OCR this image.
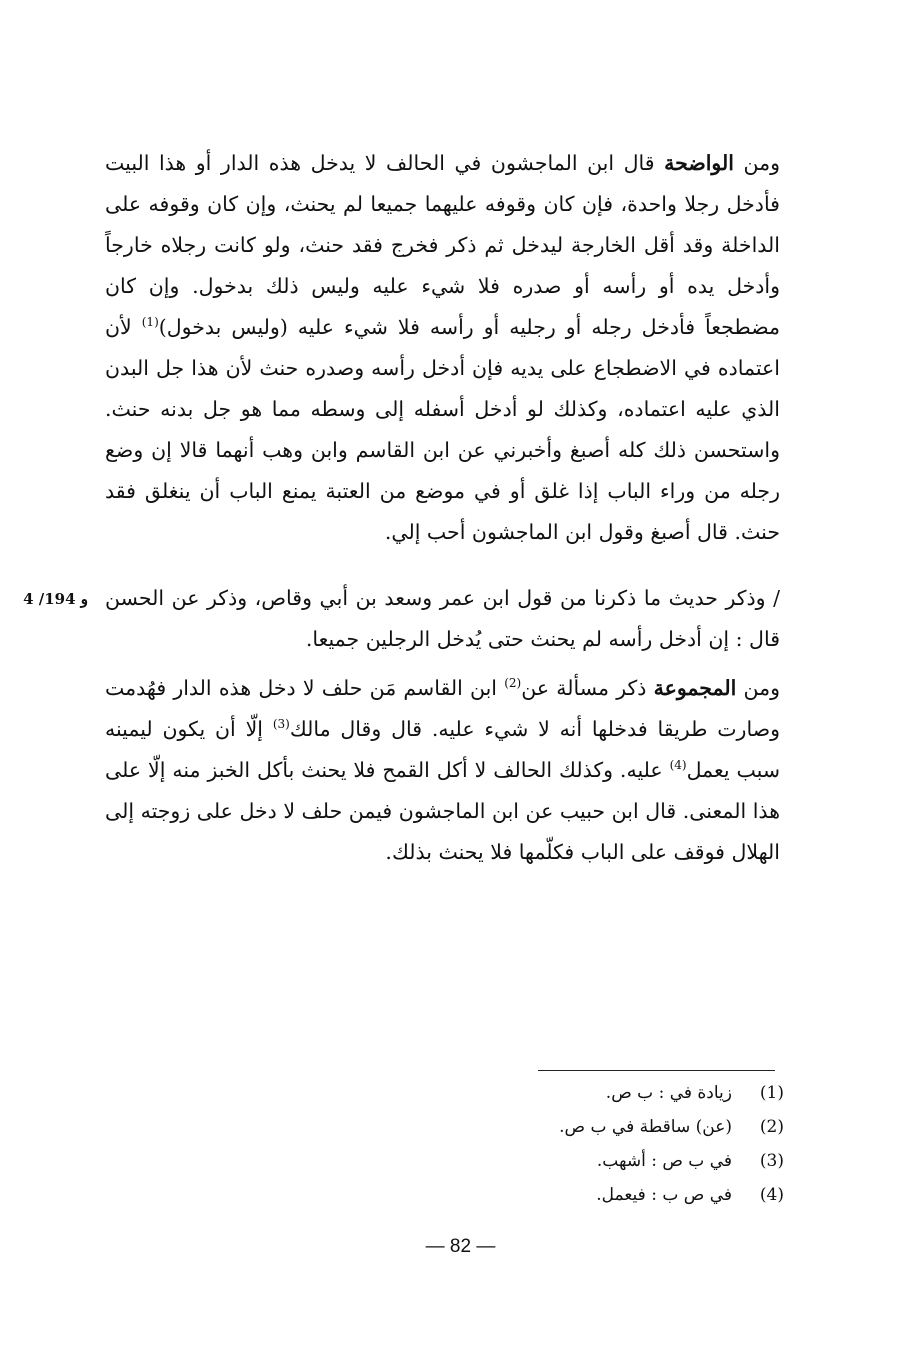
ومن الواضحة قال ابن الماجشون في الحالف لا يدخل هذه الدار أو هذا البيت فأدخل رجلا واحدة، فإن كان وقوفه عليهما جميعا لم يحنث، وإن كان وقوفه على الداخلة وقد أقل الخارجة ليدخل ثم ذكر فخرج فقد حنث، ولو كانت رجلاه خارجاً وأدخل يده أو رأسه أو صدره فلا شيء عليه وليس ذلك بدخول. وإن كان مضطجعاً فأدخل رجله أو رجليه أو رأسه فلا شيء عليه (وليس بدخول)$^{(1)}$ لأن اعتماده في الاضطجاع على يديه فإن أدخل رأسه وصدره حنث لأن هذا جل البدن الذي عليه اعتماده، وكذلك لو أدخل أسفله إلى وسطه مما هو جل بدنه حنث. واستحسن ذلك كله أصبغ وأخبرني عن ابن القاسم وابن وهب أنهما قالا إن وضع رجله من وراء الباب إذا غلق أو في موضع من العتبة يمنع الباب أن ينغلق فقد حنث. قال أصبغ وقول ابن الماجشون أحب إلي.

4 /194 و / وذكر حديث ما ذكرنا من قول ابن عمر وسعد بن أبي وقاص، وذكر عن الحسن قال : إن أدخل رأسه لم يحنث حتى يُدخل الرجلين جميعا.

ومن المجموعة ذكر مسألة عن$^{(2)}$ ابن القاسم مَن حلف لا دخل هذه الدار فهُدمت وصارت طريقا فدخلها أنه لا شيء عليه. قال وقال مالك$^{(3)}$ إلّا أن يكون ليمينه سبب يعمل$^{(4)}$ عليه. وكذلك الحالف لا أكل القمح فلا يحنث بأكل الخبز منه إلّا على هذا المعنى. قال ابن حبيب عن ابن الماجشون فيمن حلف لا دخل على زوجته إلى الهلال فوقف على الباب فكلّمها فلا يحنث بذلك.

(1)
زيادة في : ب ص.
(2)
(عن) ساقطة في ب ص.
(3)
في ب ص : أشهب.
(4)
في ص ب : فيعمل.
— 82 —
